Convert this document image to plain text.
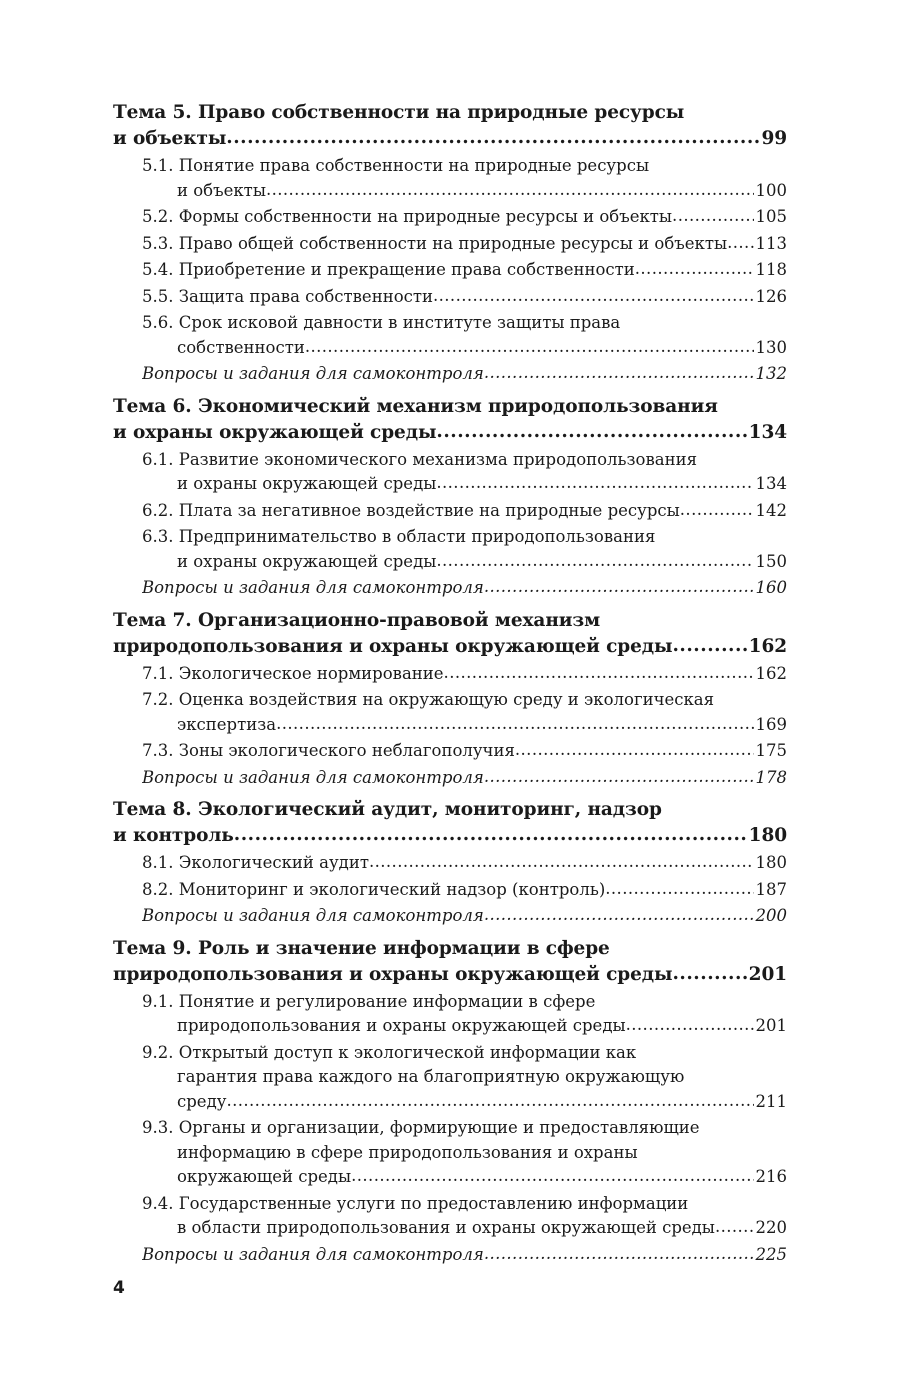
Тема 5. Право собственности на природные ресурсы
и объекты .....	99
5.1. Понятие права собственности на природные ресурсы
и объекты .....	100
5.2. Формы собственности на природные ресурсы и объекты .....	105
5.3. Право общей собственности на природные ресурсы и объекты ..... 113
5.4. Приобретение и прекращение права собственности .....	118
5.5. Защита права собственности .....	126
5.6. Срок исковой давности в институте защиты права
собственности .....	130
Вопросы и задания для самоконтроля .....	132
Тема 6. Экономический механизм природопользования
и охраны окружающей среды .....	134
6.1. Развитие экономического механизма природопользования
и охраны окружающей среды .....	134
6.2. Плата за негативное воздействие на природные ресурсы .....	142
6.3. Предпринимательство в области природопользования
и охраны окружающей среды .....	150
Вопросы и задания для самоконтроля .....	160
Тема 7. Организационно-правовой механизм
природопользования и охраны окружающей среды .....	162
7.1. Экологическое нормирование .....	162
7.2. Оценка воздействия на окружающую среду и экологическая
экспертиза .....	169
7.3. Зоны экологического неблагополучия .....	175
Вопросы и задания для самоконтроля .....	178
Тема 8. Экологический аудит, мониторинг, надзор
и контроль .....	180
8.1. Экологический аудит .....	180
8.2. Мониторинг и экологический надзор (контроль) .....	187
Вопросы и задания для самоконтроля .....	200
Тема 9. Роль и значение информации в сфере
природопользования и охраны окружающей среды .....	201
9.1. Понятие и регулирование информации в сфере
природопользования и охраны окружающей среды .....	201
9.2. Открытый доступ к экологической информации как
гарантия права каждого на благоприятную окружающую
среду .....	211
9.3. Органы и организации, формирующие и предоставляющие
информацию в сфере природопользования и охраны
окружающей среды .....	216
9.4. Государственные услуги по предоставлению информации
в области природопользования и охраны окружающей среды ..... 220
Вопросы и задания для самоконтроля .....	225
4
